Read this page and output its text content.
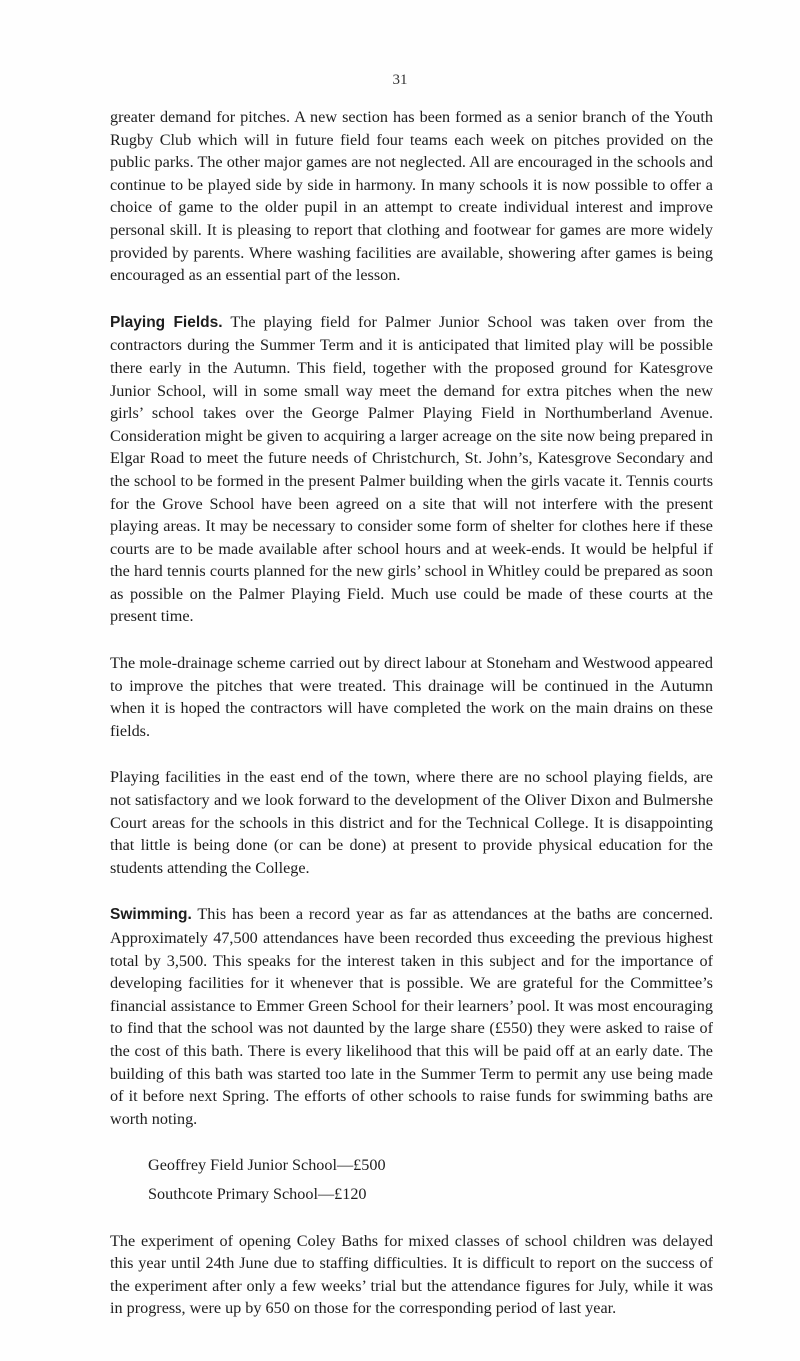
31

greater demand for pitches. A new section has been formed as a senior branch of the Youth Rugby Club which will in future field four teams each week on pitches provided on the public parks. The other major games are not neglected. All are encouraged in the schools and continue to be played side by side in harmony. In many schools it is now possible to offer a choice of game to the older pupil in an attempt to create individual interest and improve personal skill. It is pleasing to report that clothing and footwear for games are more widely provided by parents. Where washing facilities are available, showering after games is being encouraged as an essential part of the lesson.

Playing Fields. The playing field for Palmer Junior School was taken over from the contractors during the Summer Term and it is anticipated that limited play will be possible there early in the Autumn. This field, together with the proposed ground for Katesgrove Junior School, will in some small way meet the demand for extra pitches when the new girls’ school takes over the George Palmer Playing Field in Northumberland Avenue. Consideration might be given to acquiring a larger acreage on the site now being prepared in Elgar Road to meet the future needs of Christchurch, St. John’s, Katesgrove Secondary and the school to be formed in the present Palmer building when the girls vacate it. Tennis courts for the Grove School have been agreed on a site that will not interfere with the present playing areas. It may be necessary to consider some form of shelter for clothes here if these courts are to be made available after school hours and at week-ends. It would be helpful if the hard tennis courts planned for the new girls’ school in Whitley could be prepared as soon as possible on the Palmer Playing Field. Much use could be made of these courts at the present time.

The mole-drainage scheme carried out by direct labour at Stoneham and Westwood appeared to improve the pitches that were treated. This drainage will be continued in the Autumn when it is hoped the contractors will have completed the work on the main drains on these fields.

Playing facilities in the east end of the town, where there are no school playing fields, are not satisfactory and we look forward to the development of the Oliver Dixon and Bulmershe Court areas for the schools in this district and for the Technical College. It is disappointing that little is being done (or can be done) at present to provide physical education for the students attending the College.

Swimming. This has been a record year as far as attendances at the baths are concerned. Approximately 47,500 attendances have been recorded thus exceeding the previous highest total by 3,500. This speaks for the interest taken in this subject and for the importance of developing facilities for it whenever that is possible. We are grateful for the Committee’s financial assistance to Emmer Green School for their learners’ pool. It was most encouraging to find that the school was not daunted by the large share (£550) they were asked to raise of the cost of this bath. There is every likelihood that this will be paid off at an early date. The building of this bath was started too late in the Summer Term to permit any use being made of it before next Spring. The efforts of other schools to raise funds for swimming baths are worth noting.

Geoffrey Field Junior School—£500

Southcote Primary School—£120

The experiment of opening Coley Baths for mixed classes of school children was delayed this year until 24th June due to staffing difficulties. It is difficult to report on the success of the experiment after only a few weeks’ trial but the attendance figures for July, while it was in progress, were up by 650 on those for the corresponding period of last year.
